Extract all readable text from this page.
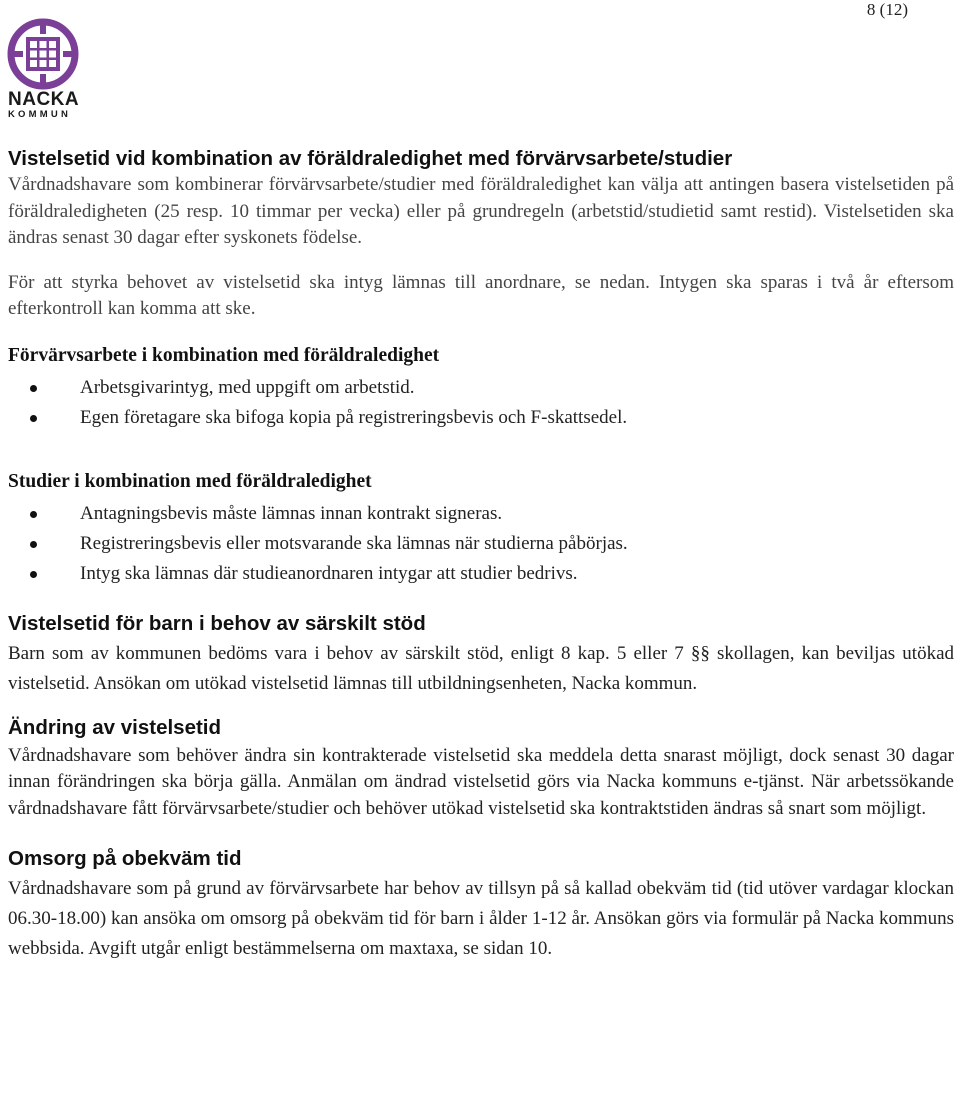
8 (12)
NACKA
KOMMUN
Vistelsetid vid kombination av föräldraledighet med förvärvsarbete/studier

Vårdnadshavare som kombinerar förvärvsarbete/studier med föräldraledighet kan välja att antingen basera vistelsetiden på föräldraledigheten (25 resp. 10 timmar per vecka) eller på grundregeln (arbetstid/studietid samt restid). Vistelsetiden ska ändras senast 30 dagar efter syskonets födelse.

För att styrka behovet av vistelsetid ska intyg lämnas till anordnare, se nedan. Intygen ska sparas i två år eftersom efterkontroll kan komma att ske.

Förvärvsarbete i kombination med föräldraledighet
Arbetsgivarintyg, med uppgift om arbetstid.
Egen företagare ska bifoga kopia på registreringsbevis och F-skattsedel.
Studier i kombination med föräldraledighet
Antagningsbevis måste lämnas innan kontrakt signeras.
Registreringsbevis eller motsvarande ska lämnas när studierna påbörjas.
Intyg ska lämnas där studieanordnaren intygar att studier bedrivs.
Vistelsetid för barn i behov av särskilt stöd

Barn som av kommunen bedöms vara i behov av särskilt stöd, enligt 8 kap. 5 eller 7 §§ skollagen, kan beviljas utökad vistelsetid. Ansökan om utökad vistelsetid lämnas till utbildningsenheten, Nacka kommun.

Ändring av vistelsetid

Vårdnadshavare som behöver ändra sin kontrakterade vistelsetid ska meddela detta snarast möjligt, dock senast 30 dagar innan förändringen ska börja gälla. Anmälan om ändrad vistelsetid görs via Nacka kommuns e-tjänst. När arbetssökande vårdnadshavare fått förvärvsarbete/studier och behöver utökad vistelsetid ska kontraktstiden ändras så snart som möjligt.

Omsorg på obekväm tid

Vårdnadshavare som på grund av förvärvsarbete har behov av tillsyn på så kallad obekväm tid (tid utöver vardagar klockan 06.30-18.00) kan ansöka om omsorg på obekväm tid för barn i ålder 1-12 år. Ansökan görs via formulär på Nacka kommuns webbsida. Avgift utgår enligt bestämmelserna om maxtaxa, se sidan 10.
